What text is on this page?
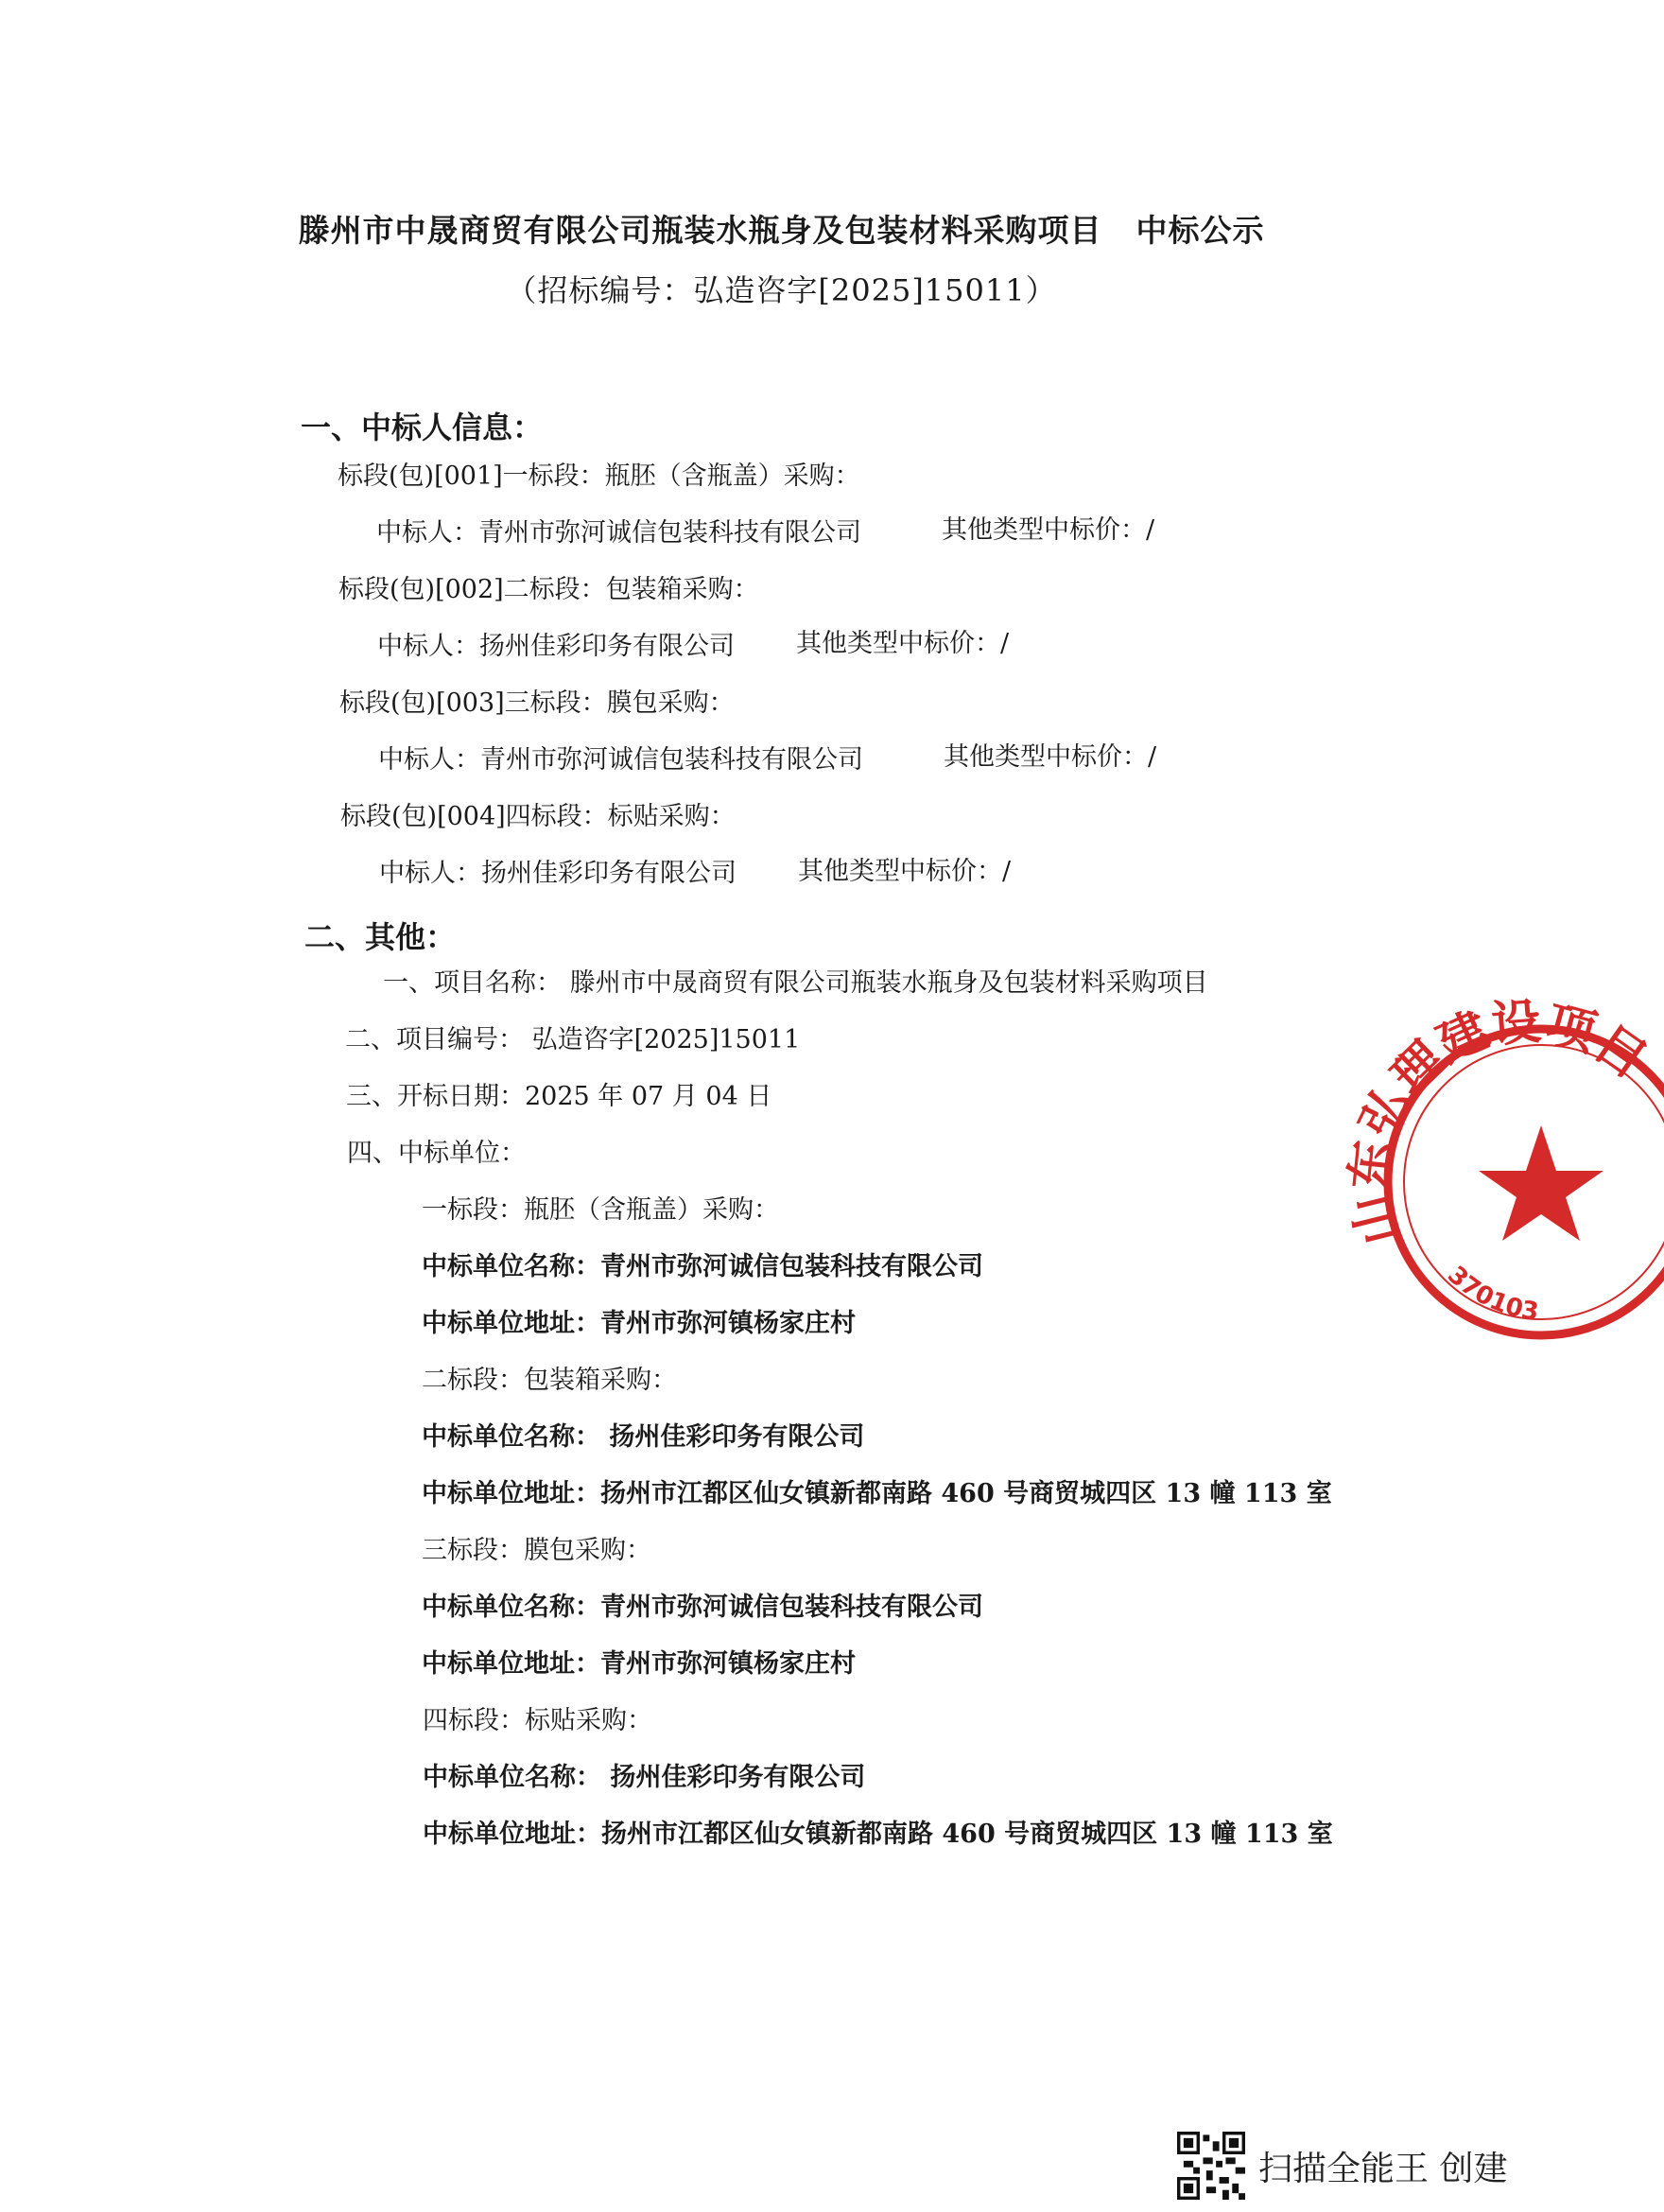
滕州市中晟商贸有限公司瓶装水瓶身及包装材料采购项目 中标公示
（招标编号：弘造咨字[2025]15011）
一、中标人信息：
标段(包)[001]一标段：瓶胚（含瓶盖）采购：
中标人：青州市弥河诚信包装科技有限公司	其他类型中标价：/
标段(包)[002]二标段：包装箱采购：
中标人：扬州佳彩印务有限公司 其他类型中标价：/
标段(包)[003]三标段：膜包采购：
中标人：青州市弥河诚信包装科技有限公司	其他类型中标价：/
标段(包)[004]四标段：标贴采购：
中标人：扬州佳彩印务有限公司 其他类型中标价：/
二、其他：
一、项目名称： 滕州市中晟商贸有限公司瓶装水瓶身及包装材料采购项目
二、项目编号： 弘造咨字[2025]15011
三、开标日期：2025 年 07 月 04 日
四、中标单位：
一标段：瓶胚（含瓶盖）采购：
中标单位名称：青州市弥河诚信包装科技有限公司
中标单位地址：青州市弥河镇杨家庄村
二标段：包装箱采购：
中标单位名称： 扬州佳彩印务有限公司
中标单位地址：扬州市江都区仙女镇新都南路 460 号商贸城四区 13 幢 113 室
三标段：膜包采购：
中标单位名称：青州市弥河诚信包装科技有限公司
中标单位地址：青州市弥河镇杨家庄村
四标段：标贴采购：
中标单位名称： 扬州佳彩印务有限公司
中标单位地址：扬州市江都区仙女镇新都南路 460 号商贸城四区 13 幢 113 室
山东弘理建设项目
370103
扫描全能王 创建
